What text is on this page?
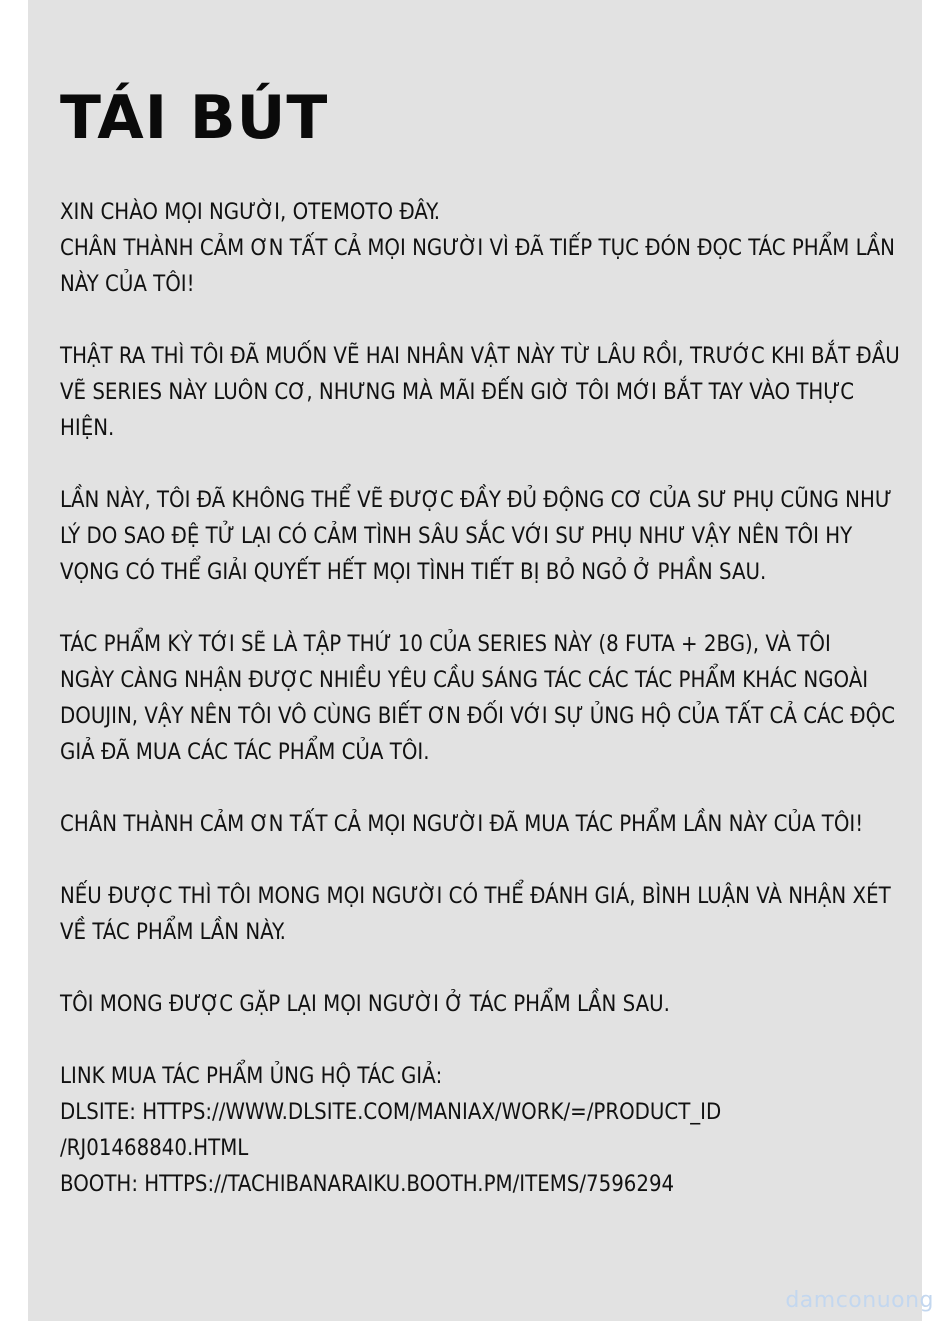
TÁI BÚT

XIN CHÀO MỌI NGƯỜI, OTEMOTO ĐÂY.
CHÂN THÀNH CẢM ƠN TẤT CẢ MỌI NGƯỜI VÌ ĐÃ TIẾP TỤC ĐÓN ĐỌC TÁC PHẨM LẦN
NÀY CỦA TÔI!

THẬT RA THÌ TÔI ĐÃ MUỐN VẼ HAI NHÂN VẬT NÀY TỪ LÂU RỒI, TRƯỚC KHI BẮT ĐẦU
VẼ SERIES NÀY LUÔN CƠ, NHƯNG MÀ MÃI ĐẾN GIỜ TÔI MỚI BẮT TAY VÀO THỰC
HIỆN.

LẦN NÀY, TÔI ĐÃ KHÔNG THỂ VẼ ĐƯỢC ĐẦY ĐỦ ĐỘNG CƠ CỦA SƯ PHỤ CŨNG NHƯ
LÝ DO SAO ĐỆ TỬ LẠI CÓ CẢM TÌNH SÂU SẮC VỚI SƯ PHỤ NHƯ VẬY NÊN TÔI HY
VỌNG CÓ THỂ GIẢI QUYẾT HẾT MỌI TÌNH TIẾT BỊ BỎ NGỎ Ở PHẦN SAU.

TÁC PHẨM KỲ TỚI SẼ LÀ TẬP THỨ 10 CỦA SERIES NÀY (8 FUTA + 2BG), VÀ TÔI
NGÀY CÀNG NHẬN ĐƯỢC NHIỀU YÊU CẦU SÁNG TÁC CÁC TÁC PHẨM KHÁC NGOÀI
DOUJIN, VẬY NÊN TÔI VÔ CÙNG BIẾT ƠN ĐỐI VỚI SỰ ỦNG HỘ CỦA TẤT CẢ CÁC ĐỘC
GIẢ ĐÃ MUA CÁC TÁC PHẨM CỦA TÔI.

CHÂN THÀNH CẢM ƠN TẤT CẢ MỌI NGƯỜI ĐÃ MUA TÁC PHẨM LẦN NÀY CỦA TÔI!

NẾU ĐƯỢC THÌ TÔI MONG MỌI NGƯỜI CÓ THỂ ĐÁNH GIÁ, BÌNH LUẬN VÀ NHẬN XÉT
VỀ TÁC PHẨM LẦN NÀY.

TÔI MONG ĐƯỢC GẶP LẠI MỌI NGƯỜI Ở TÁC PHẨM LẦN SAU.

LINK MUA TÁC PHẨM ỦNG HỘ TÁC GIẢ:
DLSITE: HTTPS://WWW.DLSITE.COM/MANIAX/WORK/=/PRODUCT_ID
/RJ01468840.HTML
BOOTH: HTTPS://TACHIBANARAIKU.BOOTH.PM/ITEMS/7596294

damconuong
